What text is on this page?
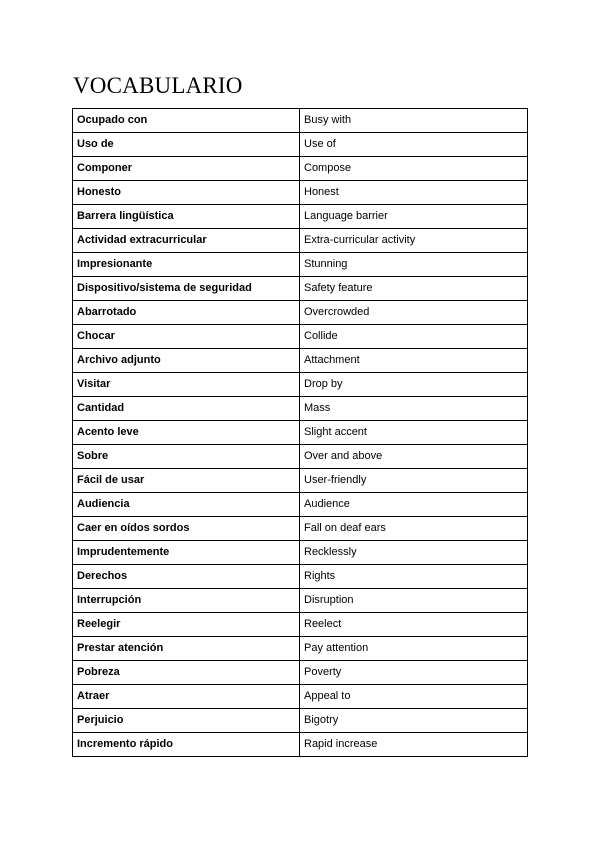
VOCABULARIO
Ocupado con	Busy with
Uso de	Use of
Componer	Compose
Honesto	Honest
Barrera lingüística	Language barrier
Actividad extracurricular	Extra-curricular activity
Impresionante	Stunning
Dispositivo/sistema de seguridad	Safety feature
Abarrotado	Overcrowded
Chocar	Collide
Archivo adjunto	Attachment
Visitar	Drop by
Cantidad	Mass
Acento leve	Slight accent
Sobre	Over and above
Fácil de usar	User-friendly
Audiencia	Audience
Caer en oídos sordos	Fall on deaf ears
Imprudentemente	Recklessly
Derechos	Rights
Interrupción	Disruption
Reelegir	Reelect
Prestar atención	Pay attention
Pobreza	Poverty
Atraer	Appeal to
Perjuicio	Bigotry
Incremento rápido	Rapid increase
